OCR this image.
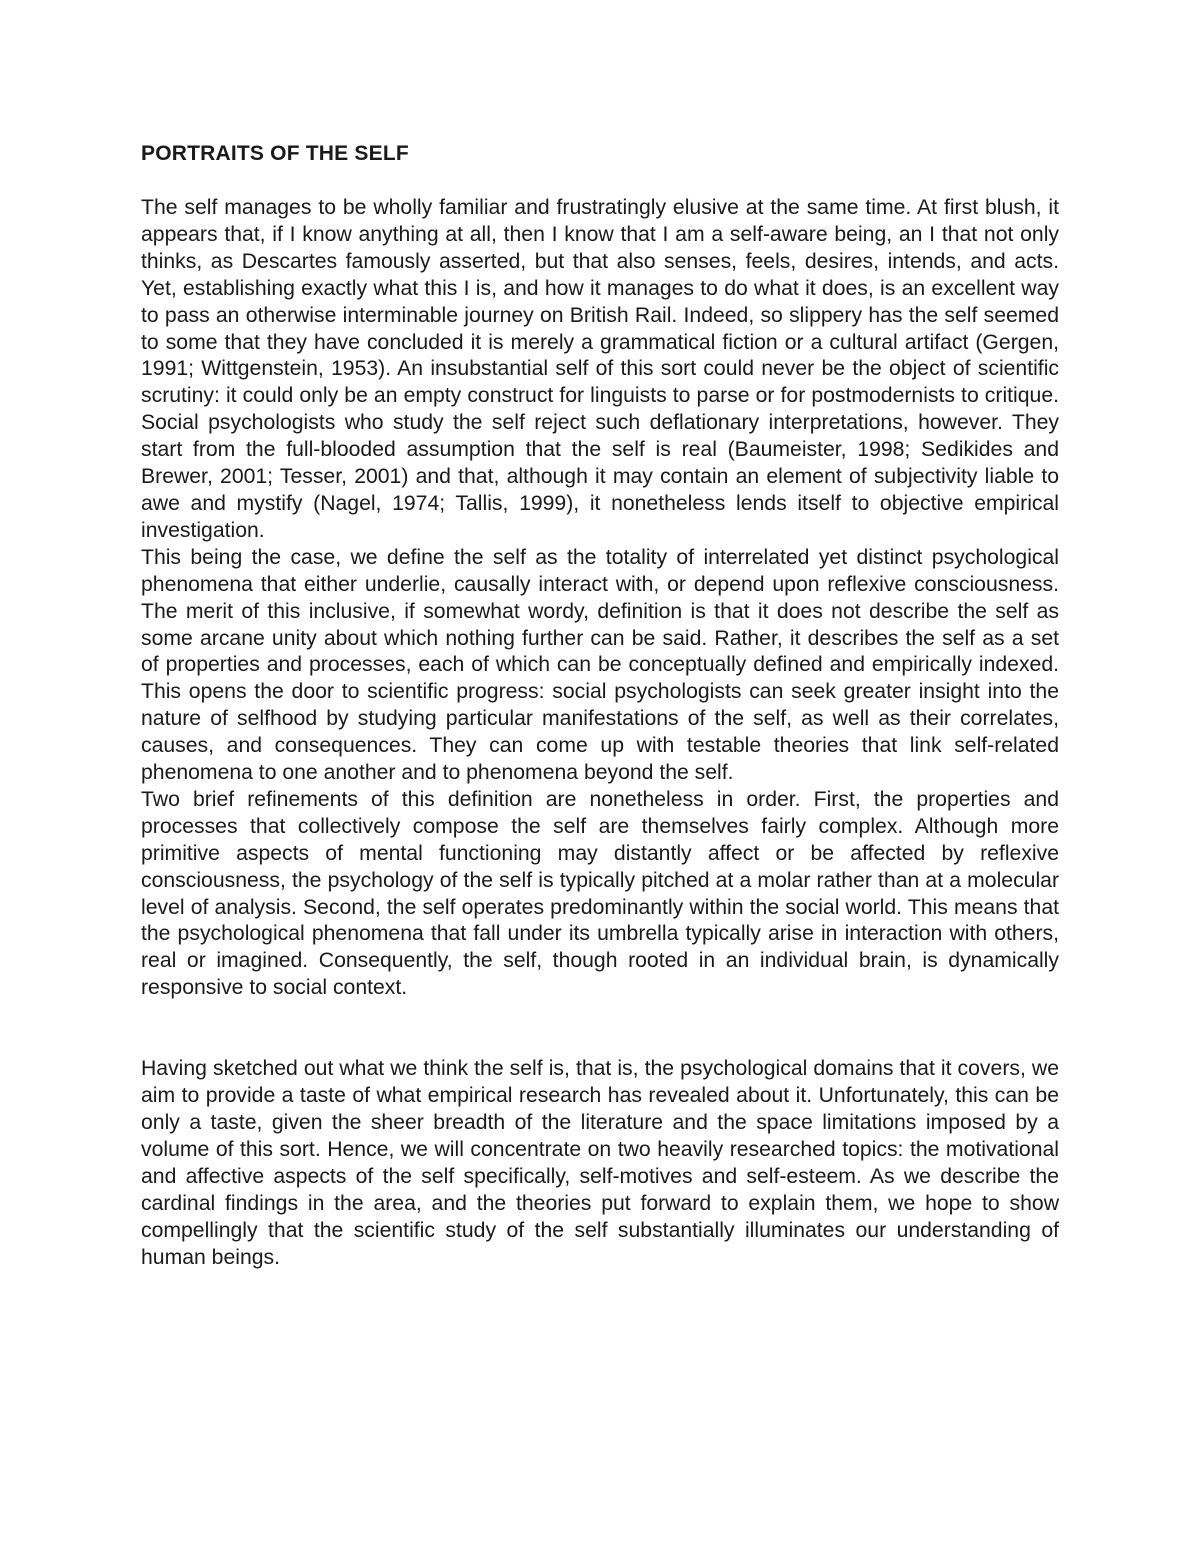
PORTRAITS OF THE SELF

The self manages to be wholly familiar and frustratingly elusive at the same time. At first blush, it appears that, if I know anything at all, then I know that I am a self-aware being, an I that not only thinks, as Descartes famously asserted, but that also senses, feels, desires, intends, and acts. Yet, establishing exactly what this I is, and how it manages to do what it does, is an excellent way to pass an otherwise interminable journey on British Rail. Indeed, so slippery has the self seemed to some that they have concluded it is merely a grammatical fiction or a cultural artifact (Gergen, 1991; Wittgenstein, 1953). An insubstantial self of this sort could never be the object of scientific scrutiny: it could only be an empty construct for linguists to parse or for postmodernists to critique. Social psychologists who study the self reject such deflationary interpretations, however. They start from the full-blooded assumption that the self is real (Baumeister, 1998; Sedikides and Brewer, 2001; Tesser, 2001) and that, although it may contain an element of subjectivity liable to awe and mystify (Nagel, 1974; Tallis, 1999), it nonetheless lends itself to objective empirical investigation.

This being the case, we define the self as the totality of interrelated yet distinct psychological phenomena that either underlie, causally interact with, or depend upon reflexive consciousness. The merit of this inclusive, if somewhat wordy, definition is that it does not describe the self as some arcane unity about which nothing further can be said. Rather, it describes the self as a set of properties and processes, each of which can be conceptually defined and empirically indexed. This opens the door to scientific progress: social psychologists can seek greater insight into the nature of selfhood by studying particular manifestations of the self, as well as their correlates, causes, and consequences. They can come up with testable theories that link self-related phenomena to one another and to phenomena beyond the self.

Two brief refinements of this definition are nonetheless in order. First, the properties and processes that collectively compose the self are themselves fairly complex. Although more primitive aspects of mental functioning may distantly affect or be affected by reflexive consciousness, the psychology of the self is typically pitched at a molar rather than at a molecular level of analysis. Second, the self operates predominantly within the social world. This means that the psychological phenomena that fall under its umbrella typically arise in interaction with others, real or imagined. Consequently, the self, though rooted in an individual brain, is dynamically responsive to social context.

Having sketched out what we think the self is, that is, the psychological domains that it covers, we aim to provide a taste of what empirical research has revealed about it. Unfortunately, this can be only a taste, given the sheer breadth of the literature and the space limitations imposed by a volume of this sort. Hence, we will concentrate on two heavily researched topics: the motivational and affective aspects of the self specifically, self-motives and self-esteem. As we describe the cardinal findings in the area, and the theories put forward to explain them, we hope to show compellingly that the scientific study of the self substantially illuminates our understanding of human beings.
